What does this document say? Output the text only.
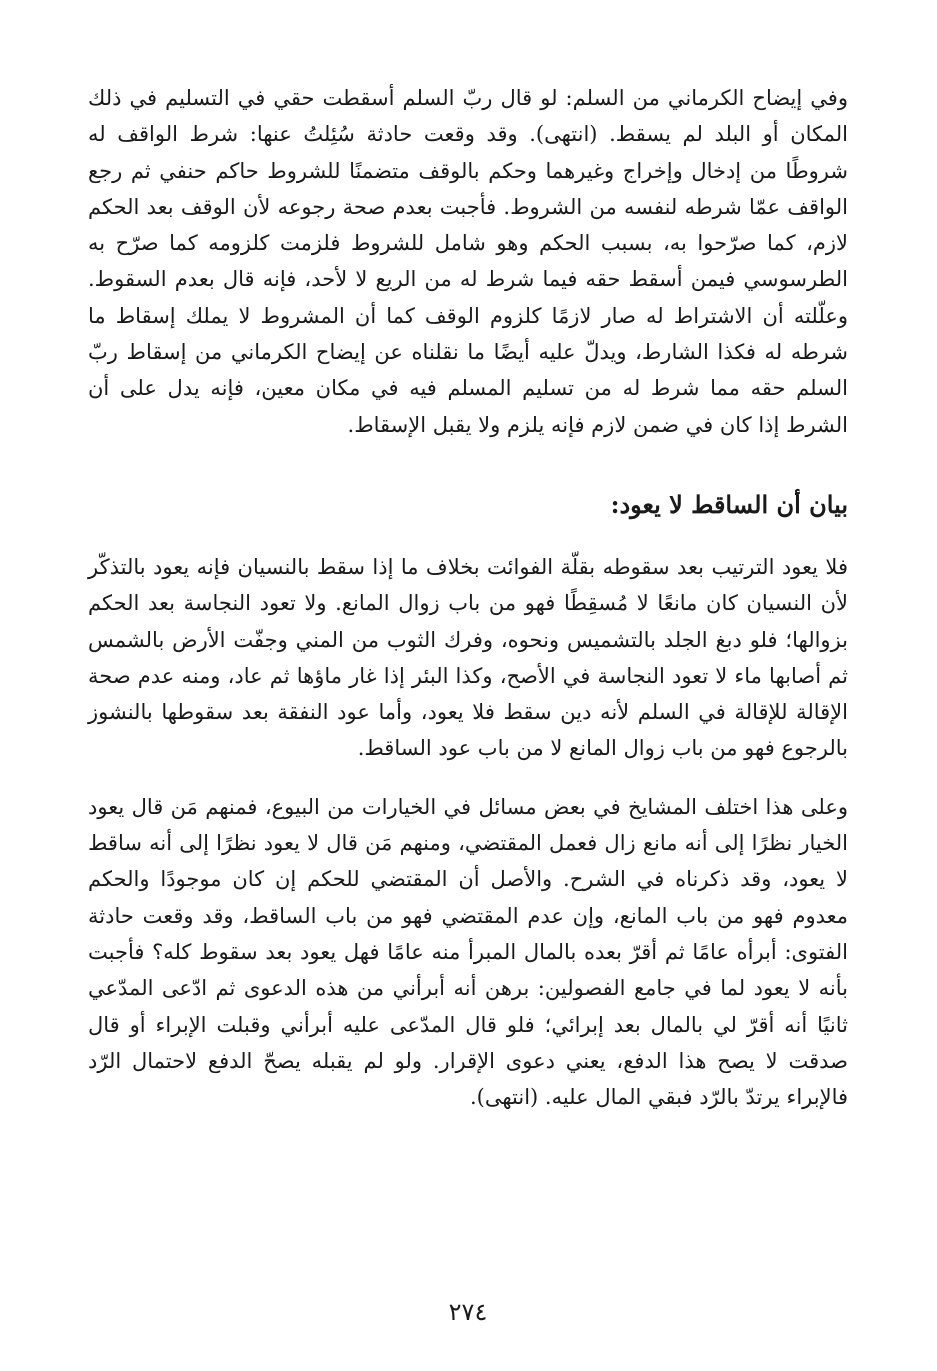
وفي إيضاح الكرماني من السلم: لو قال ربّ السلم أسقطت حقي في التسليم في ذلك المكان أو البلد لم يسقط. (انتهى). وقد وقعت حادثة سُئِلتُ عنها: شرط الواقف له شروطًا من إدخال وإخراج وغيرهما وحكم بالوقف متضمنًا للشروط حاكم حنفي ثم رجع الواقف عمّا شرطه لنفسه من الشروط. فأجبت بعدم صحة رجوعه لأن الوقف بعد الحكم لازم، كما صرّحوا به، بسبب الحكم وهو شامل للشروط فلزمت كلزومه كما صرّح به الطرسوسي فيمن أسقط حقه فيما شرط له من الريع لا لأحد، فإنه قال بعدم السقوط. وعلّلته أن الاشتراط له صار لازمًا كلزوم الوقف كما أن المشروط لا يملك إسقاط ما شرطه له فكذا الشارط، ويدلّ عليه أيضًا ما نقلناه عن إيضاح الكرماني من إسقاط ربّ السلم حقه مما شرط له من تسليم المسلم فيه في مكان معين، فإنه يدل على أن الشرط إذا كان في ضمن لازم فإنه يلزم ولا يقبل الإسقاط.

بيان أن الساقط لا يعود:

فلا يعود الترتيب بعد سقوطه بقلّة الفوائت بخلاف ما إذا سقط بالنسيان فإنه يعود بالتذكّر لأن النسيان كان مانعًا لا مُسقِطًا فهو من باب زوال المانع. ولا تعود النجاسة بعد الحكم بزوالها؛ فلو دبغ الجلد بالتشميس ونحوه، وفرك الثوب من المني وجفّت الأرض بالشمس ثم أصابها ماء لا تعود النجاسة في الأصح، وكذا البئر إذا غار ماؤها ثم عاد، ومنه عدم صحة الإقالة للإقالة في السلم لأنه دين سقط فلا يعود، وأما عود النفقة بعد سقوطها بالنشوز بالرجوع فهو من باب زوال المانع لا من باب عود الساقط.

وعلى هذا اختلف المشايخ في بعض مسائل في الخيارات من البيوع، فمنهم مَن قال يعود الخيار نظرًا إلى أنه مانع زال فعمل المقتضي، ومنهم مَن قال لا يعود نظرًا إلى أنه ساقط لا يعود، وقد ذكرناه في الشرح. والأصل أن المقتضي للحكم إن كان موجودًا والحكم معدوم فهو من باب المانع، وإن عدم المقتضي فهو من باب الساقط، وقد وقعت حادثة الفتوى: أبرأه عامًا ثم أقرّ بعده بالمال المبرأ منه عامًا فهل يعود بعد سقوط كله؟ فأجبت بأنه لا يعود لما في جامع الفصولين: برهن أنه أبرأني من هذه الدعوى ثم ادّعى المدّعي ثانيًا أنه أقرّ لي بالمال بعد إبرائي؛ فلو قال المدّعى عليه أبرأني وقبلت الإبراء أو قال صدقت لا يصح هذا الدفع، يعني دعوى الإقرار. ولو لم يقبله يصحّ الدفع لاحتمال الرّد فالإبراء يرتدّ بالرّد فبقي المال عليه. (انتهى).

٢٧٤
